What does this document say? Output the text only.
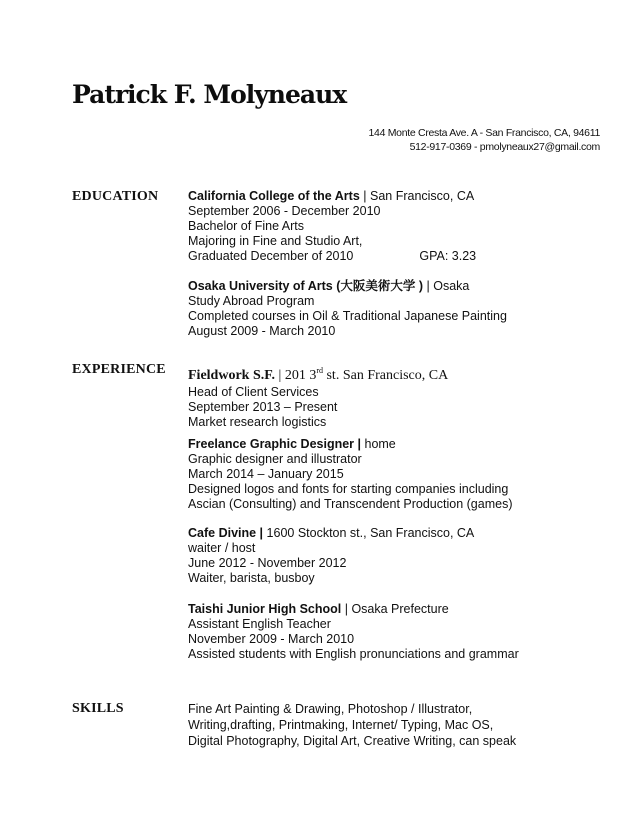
Patrick F. Molyneaux
144 Monte Cresta Ave. A - San Francisco, CA, 94611
512-917-0369 - pmolyneaux27@gmail.com
EDUCATION California College of the Arts | San Francisco, CA
September 2006 - December 2010
Bachelor of Fine Arts
Majoring in Fine and Studio Art,
Graduated December of 2010	GPA: 3.23
Osaka University of Arts (大阪美術大学 ) | Osaka
Study Abroad Program
Completed courses in Oil & Traditional Japanese Painting
August 2009 - March 2010
EXPERIENCE Fieldwork S.F. | 201 3rd st. San Francisco, CA
Head of Client Services
September 2013 – Present
Market research logistics
Freelance Graphic Designer | home
Graphic designer and illustrator
March 2014 – January 2015
Designed logos and fonts for starting companies including
Ascian (Consulting) and Transcendent Production (games)
Cafe Divine | 1600 Stockton st., San Francisco, CA
waiter / host
June 2012 - November 2012
Waiter, barista, busboy
Taishi Junior High School | Osaka Prefecture
Assistant English Teacher
November 2009 - March 2010
Assisted students with English pronunciations and grammar
SKILLS	Fine Art Painting & Drawing, Photoshop / Illustrator,
Writing,drafting, Printmaking, Internet/ Typing, Mac OS,
Digital Photography, Digital Art, Creative Writing, can speak
